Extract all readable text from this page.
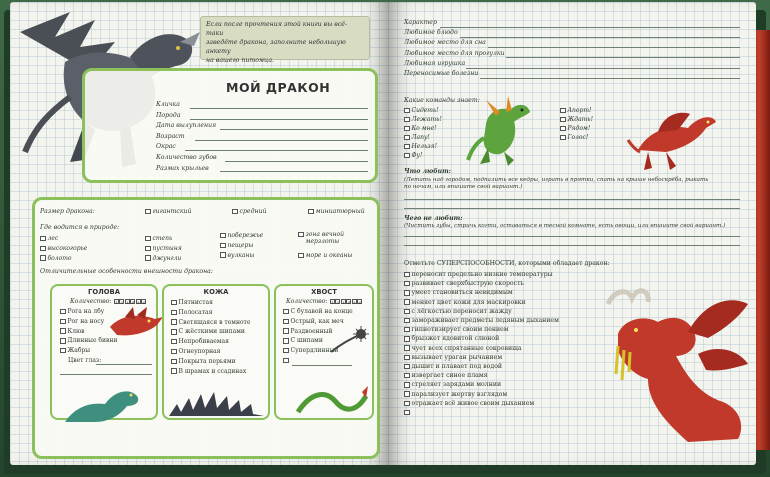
Если после прочтения этой книги вы всё-таки
заведёте дракона, заполните небольшую анкету
на вашего питомца.
МОЙ ДРАКОН
Кличка
Порода
Дата вылупления
Возраст
Окрас
Количество зубов
Размах крыльев
Размер дракона:	гигантский	средний	миниатюрный
Где водится в природе:
лес
высокогорье
болото
степь
пустыня
джунгли
побережье
пещеры
вулканы
зона вечной мерзлоты
море и океаны
Отличительные особенности внешности дракона:
ГОЛОВА
Количество: 1 2 3 4 5 6
Рога на лбу
Рог на носу
Клюв
Длинные бивни
Жабры
Цвет глаз:
КОЖА
Пятнистая
Полосатая
Светящаяся в темноте
С жёсткими шипами
Непробиваемая
Огнеупорная
Покрыта перьями
В шрамах и ссадинах
ХВОСТ
Количество: 1 2 3 4 5 6
С булавой на конце
Острый, как меч
Раздвоенный
С шипами
Супердлинный
Характер
Любимое блюдо
Любимое место для сна
Любимое место для прогулки
Любимая игрушка
Переносимые болезни
Какие команды знает:
Сидеть!
Лежать!
Ко мне!
Лапу!
Нельзя!
Фу!
Апорт!
Ждать!
Рядом!
Голос!
Что любит:
(Летать над городом, подпалить все кедры, играть в прятки, спать на крыше небоскрёба, рыкать
по ночам, или впишите свой вариант.)
Чего не любит:
(Чистить зубы, стричь когти, оставаться в тесной комнате, есть овощи, или впишите свой вариант.)
Отметьте СУПЕРСПОСОБНОСТИ, которыми обладает дракон:
переносит предельно низкие температуры
развивает сверхбыструю скорость
умеет становиться невидимым
меняет цвет кожи для маскировки
с лёгкостью переносит жажду
замораживает предметы ледяным дыханием
гипнотизирует своим пением
брызжет ядовитой слюной
чует всех спрятанные сокровища
вызывает ураган рычанием
дышит и плавает под водой
извергает синее пламя
стреляет зарядами молнии
парализует жертву взглядом
отражает всё живое своим дыханием
